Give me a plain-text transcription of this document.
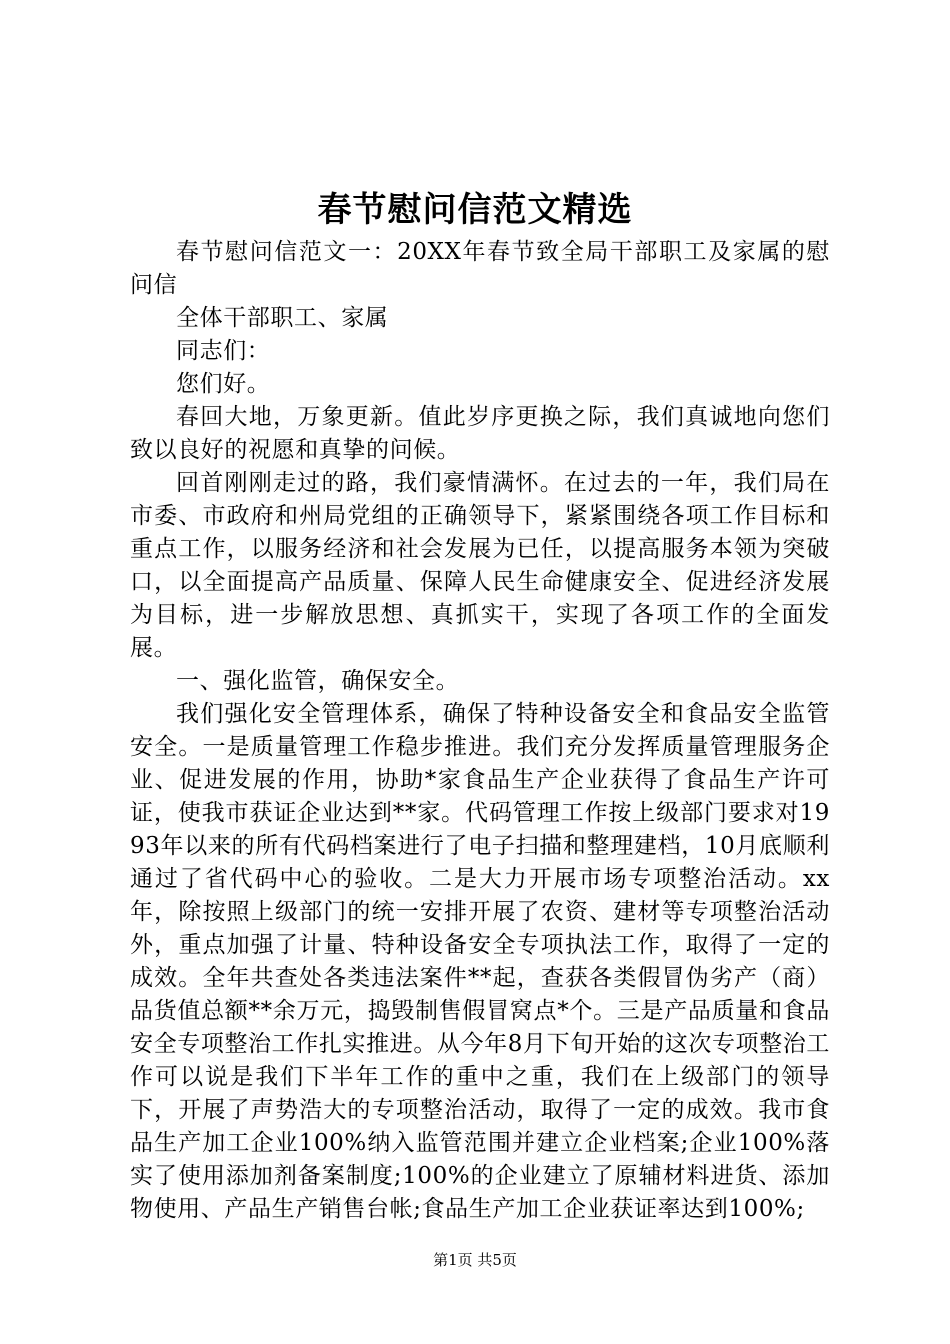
春节慰问信范文精选

春节慰问信范文一：20XX年春节致全局干部职工及家属的慰问信

全体干部职工、家属

同志们：

您们好。

春回大地，万象更新。值此岁序更换之际，我们真诚地向您们致以良好的祝愿和真挚的问候。

回首刚刚走过的路，我们豪情满怀。在过去的一年，我们局在市委、市政府和州局党组的正确领导下，紧紧围绕各项工作目标和重点工作，以服务经济和社会发展为已任，以提高服务本领为突破口，以全面提高产品质量、保障人民生命健康安全、促进经济发展为目标，进一步解放思想、真抓实干，实现了各项工作的全面发展。

一、强化监管，确保安全。

我们强化安全管理体系，确保了特种设备安全和食品安全监管安全。一是质量管理工作稳步推进。我们充分发挥质量管理服务企业、促进发展的作用，协助*家食品生产企业获得了食品生产许可证，使我市获证企业达到**家。代码管理工作按上级部门要求对1993年以来的所有代码档案进行了电子扫描和整理建档，10月底顺利通过了省代码中心的验收。二是大力开展市场专项整治活动。xx年，除按照上级部门的统一安排开展了农资、建材等专项整治活动外，重点加强了计量、特种设备安全专项执法工作，取得了一定的成效。全年共查处各类违法案件**起，查获各类假冒伪劣产（商）品货值总额**余万元，捣毁制售假冒窝点*个。三是产品质量和食品安全专项整治工作扎实推进。从今年8月下旬开始的这次专项整治工作可以说是我们下半年工作的重中之重，我们在上级部门的领导下，开展了声势浩大的专项整治活动，取得了一定的成效。我市食品生产加工企业100%纳入监管范围并建立企业档案;企业100%落实了使用添加剂备案制度;100%的企业建立了原辅材料进货、添加物使用、产品生产销售台帐;食品生产加工企业获证率达到100%;

第1页 共5页
